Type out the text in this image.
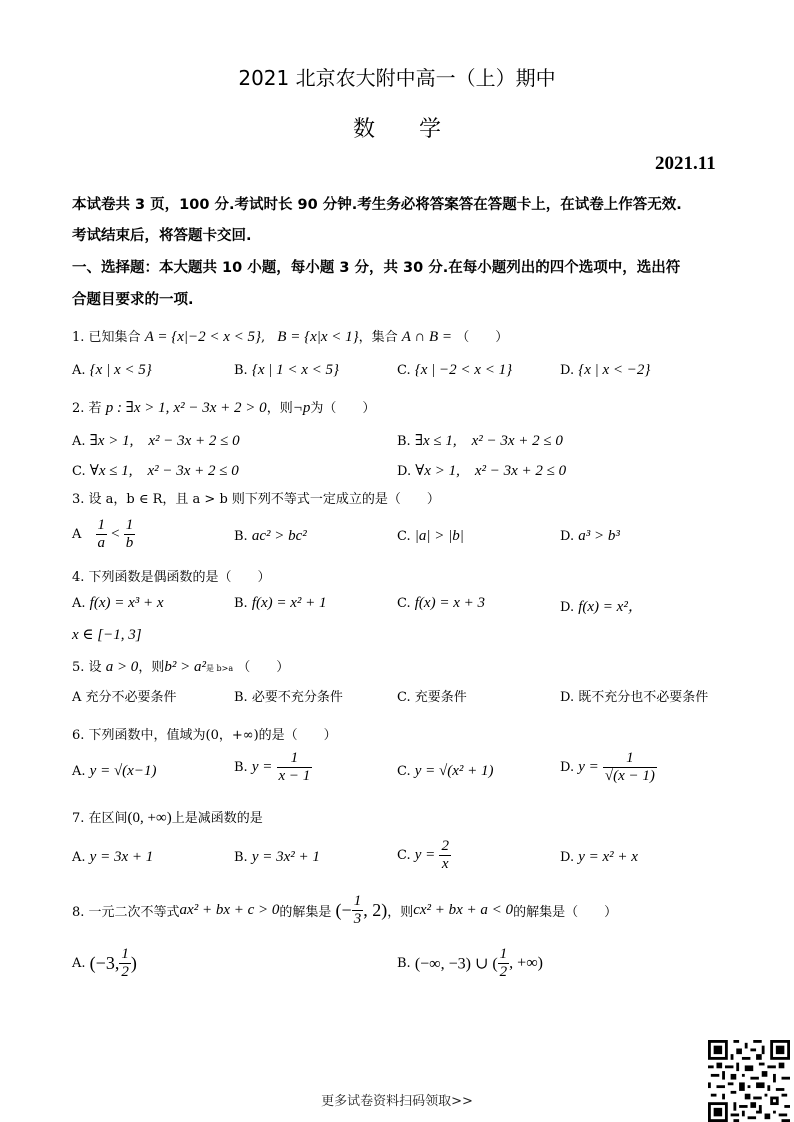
2021 北京农大附中高一（上）期中
数　　学
2021.11
本试卷共 3 页，100 分.考试时长 90 分钟.考生务必将答案答在答题卡上，在试卷上作答无效.
考试结束后，将答题卡交回.
一、选择题：本大题共 10 小题，每小题 3 分，共 30 分.在每小题列出的四个选项中，选出符
合题目要求的一项.
1. 已知集合 A = {x|−2 < x < 5}, B = {x|x < 1}，集合 A ∩ B = （　　）
A. {x | x < 5}	B. {x | 1 < x < 5}	C. {x | −2 < x < 1}	D. {x | x < −2}
2. 若 p : ∃x > 1, x² − 3x + 2 > 0，则¬p为（　　）
A. ∃x > 1,　x² − 3x + 2 ≤ 0	B. ∃x ≤ 1,　x² − 3x + 2 ≤ 0
C. ∀x ≤ 1,　x² − 3x + 2 ≤ 0	D. ∀x > 1,　x² − 3x + 2 ≤ 0
3. 设 a，b ∈ R，且 a > b 则下列不等式一定成立的是（　　）
A $\frac{1}{a} < \frac{1}{b}$	B. ac² > bc²	C. |a| > |b|	D. a³ > b³
4. 下列函数是偶函数的是（　　）
A. f(x) = x³ + x	B. f(x) = x² + 1	C. f(x) = x + 3	D. f(x) = x²，
x ∈ [−1, 3]
5. 设 a > 0，则b² > a²是 b>a （　　）
A 充分不必要条件	B. 必要不充分条件	C. 充要条件	D. 既不充分也不必要条件
6. 下列函数中，值域为(0，+∞)的是（　　）
A. y = √(x−1)	B. $y = \frac{1}{x - 1}$	C. y = √(x² + 1)	D. $y = \frac{1}{√(x - 1)}$
7. 在区间(0, +∞)上是减函数的是
A. y = 3x + 1	B. y = 3x² + 1	C. $y = \frac{2}{x}$	D. y = x² + x
8. 一元二次不等式ax² + bx + c > 0的解集是 (− $\frac{1}{3}$ , 2)，则cx² + bx + a < 0的解集是（　　）
A. (−3, $\frac{1}{2}$ )	B. (−∞, −3) ∪ ( $\frac{1}{2}$ , +∞)
更多试卷资料扫码领取>>
